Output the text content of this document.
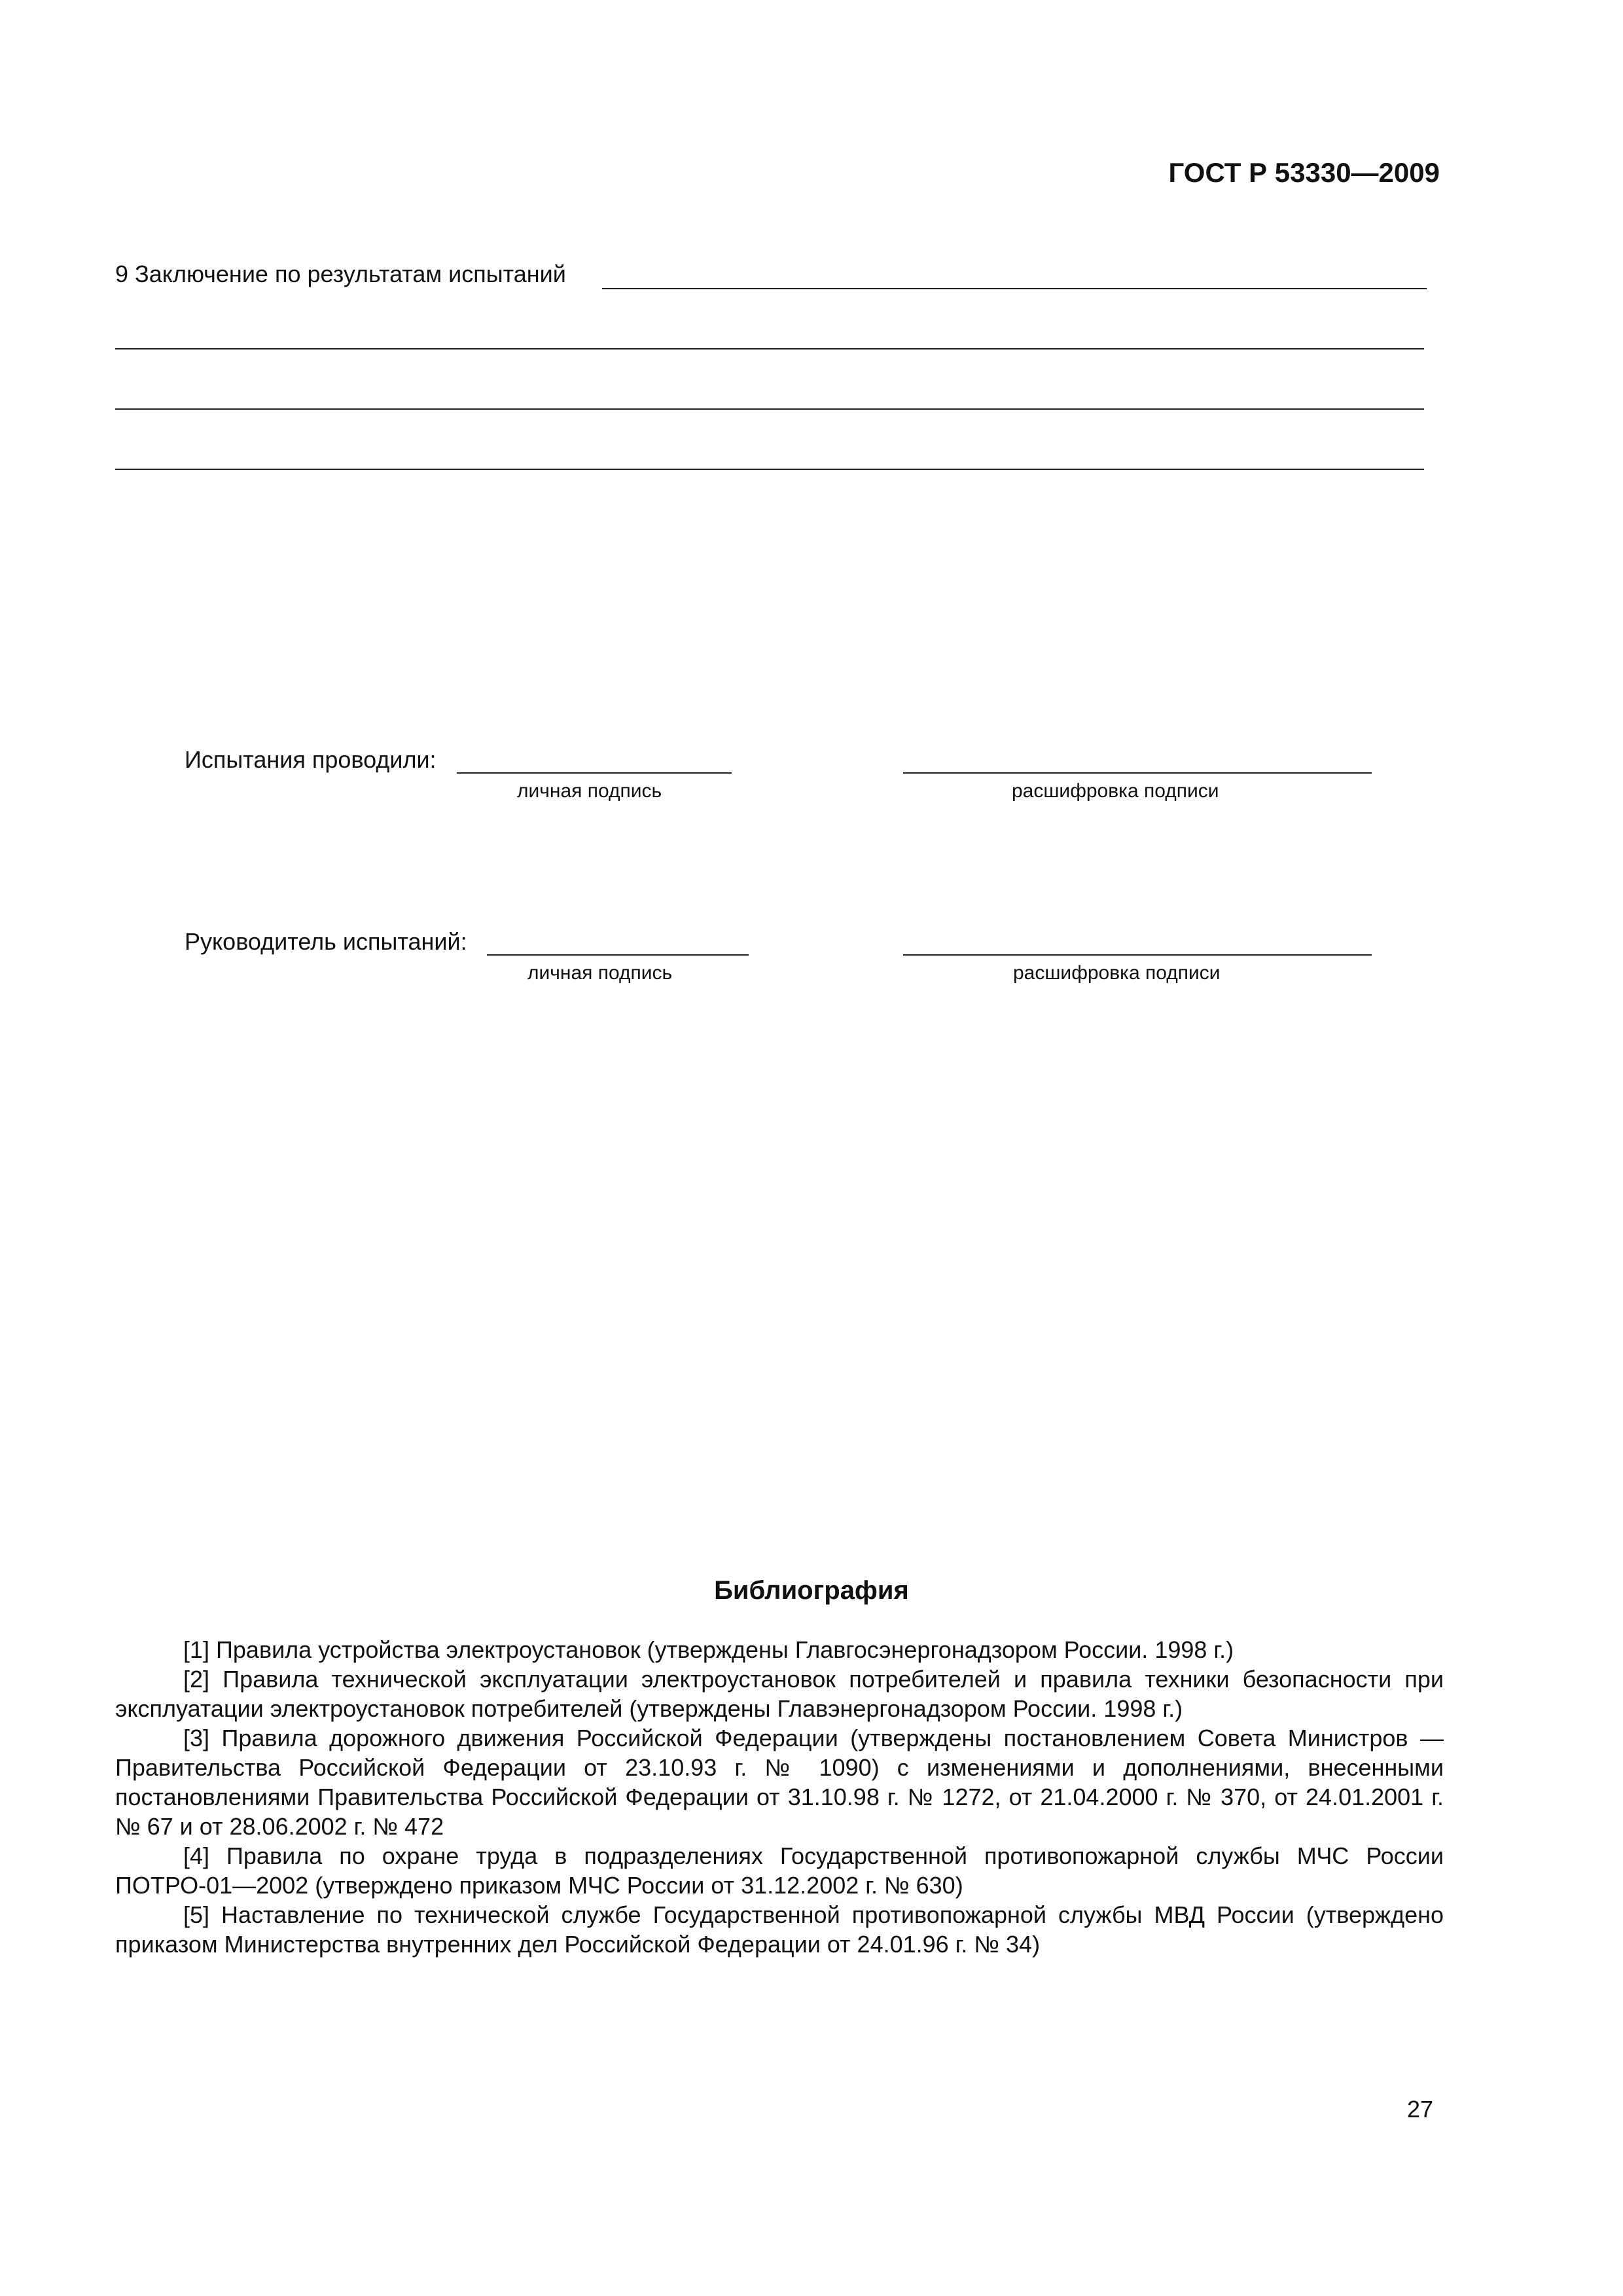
ГОСТ Р 53330—2009
9 Заключение по результатам испытаний
Испытания проводили:
личная подпись	расшифровка подписи
Руководитель испытаний:
личная подпись	расшифровка подписи
Библиография

[1] Правила устройства электроустановок (утверждены Главгосэнергонадзором России. 1998 г.)

[2] Правила технической эксплуатации электроустановок потребителей и правила техники безопасности при эксплуатации электроустановок потребителей (утверждены Главэнергонадзором России. 1998 г.)

[3] Правила дорожного движения Российской Федерации (утверждены постановлением Совета Министров — Правительства Российской Федерации от 23.10.93 г. № 1090) с изменениями и дополнениями, внесенными постановлениями Правительства Российской Федерации от 31.10.98 г. № 1272, от 21.04.2000 г. № 370, от 24.01.2001 г. № 67 и от 28.06.2002 г. № 472

[4] Правила по охране труда в подразделениях Государственной противопожарной службы МЧС России ПОТРО-01—2002 (утверждено приказом МЧС России от 31.12.2002 г. № 630)

[5] Наставление по технической службе Государственной противопожарной службы МВД России (утверждено приказом Министерства внутренних дел Российской Федерации от 24.01.96 г. № 34)

27
